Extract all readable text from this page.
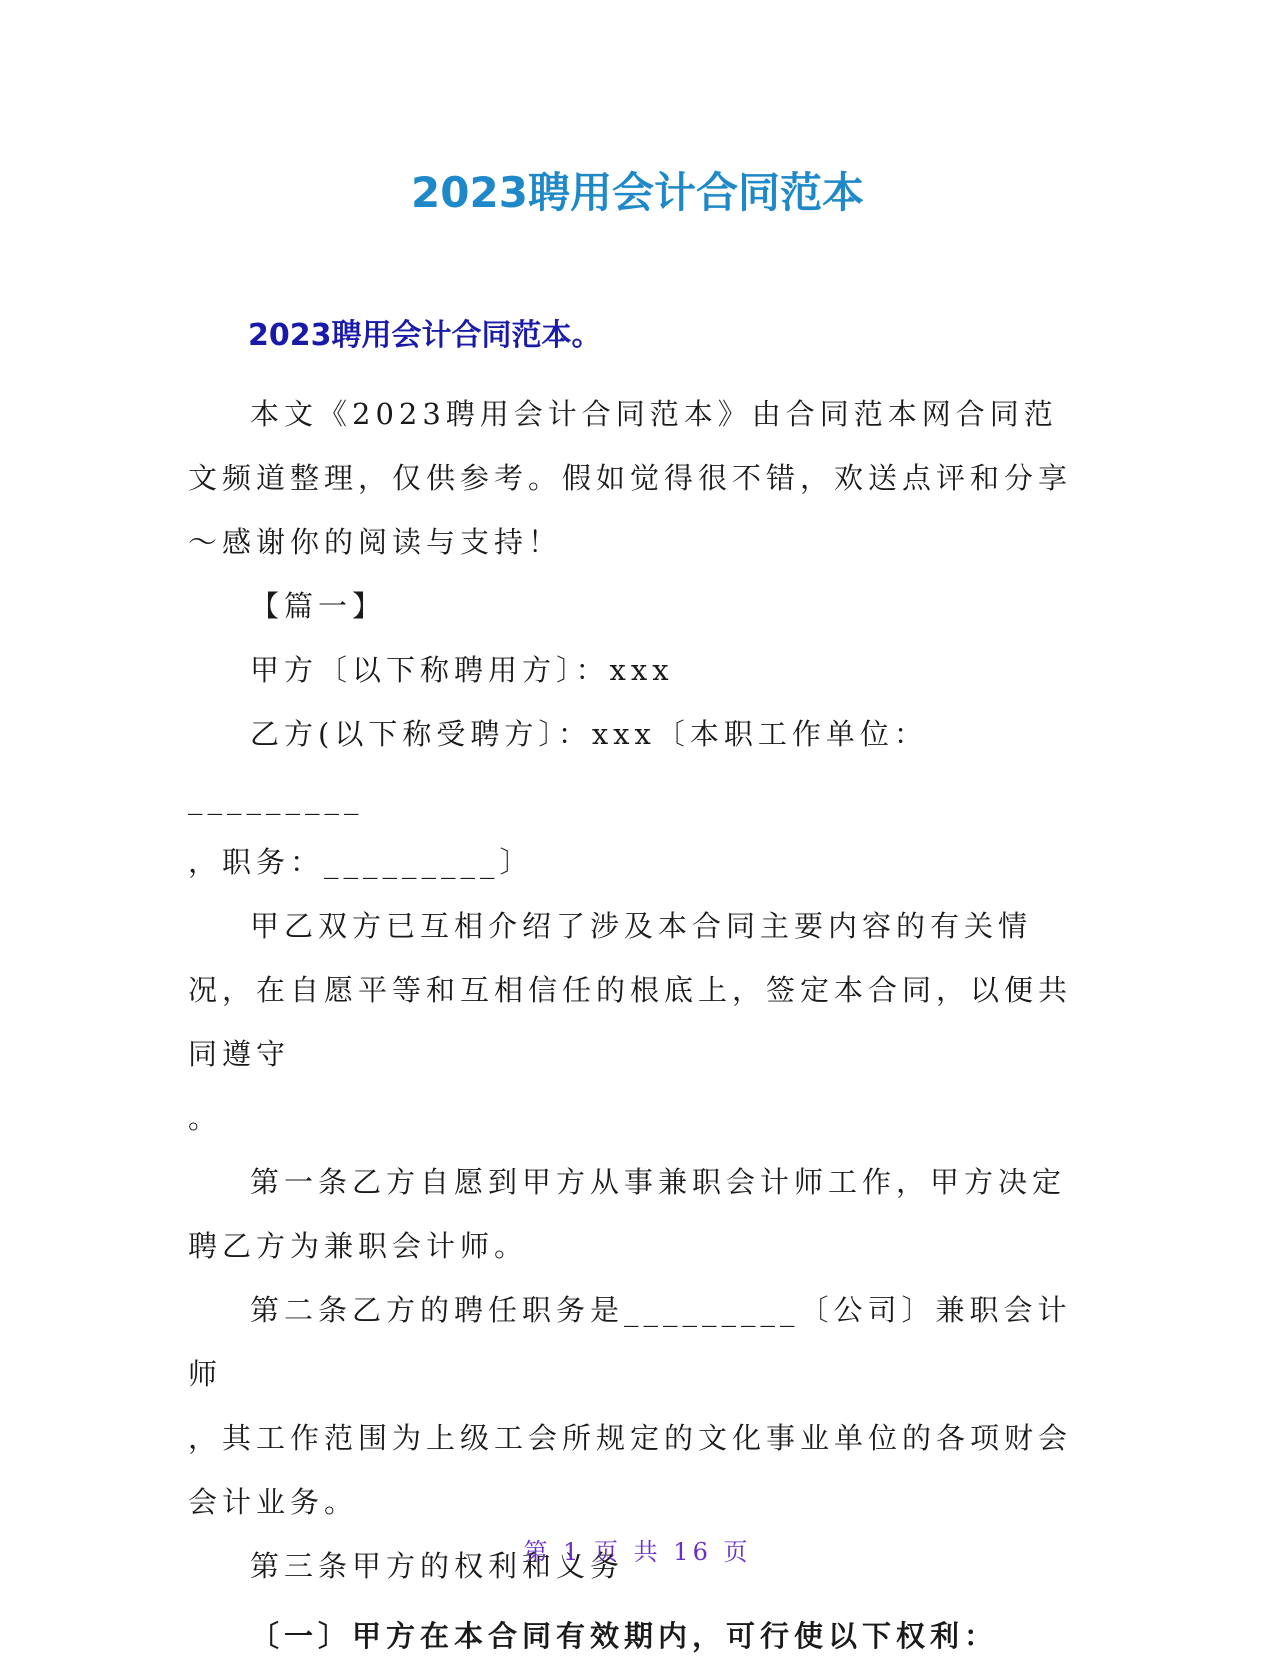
2023聘用会计合同范本
2023聘用会计合同范本。

本文《2023聘用会计合同范本》由合同范本网合同范文频道整理，仅供参考。假如觉得很不错，欢送点评和分享～感谢你的阅读与支持！

【篇一】

甲方〔以下称聘用方〕：xxx

乙方(以下称受聘方〕：xxx〔本职工作单位：_________

，职务：_________〕

甲乙双方已互相介绍了涉及本合同主要内容的有关情况，在自愿平等和互相信任的根底上，签定本合同，以便共同遵守

。

第一条乙方自愿到甲方从事兼职会计师工作，甲方决定聘乙方为兼职会计师。

第二条乙方的聘任职务是_________〔公司〕兼职会计师

，其工作范围为上级工会所规定的文化事业单位的各项财会会计业务。

第三条甲方的权利和义务

〔一〕甲方在本合同有效期内，可行使以下权利：

第 1 页 共 16 页
